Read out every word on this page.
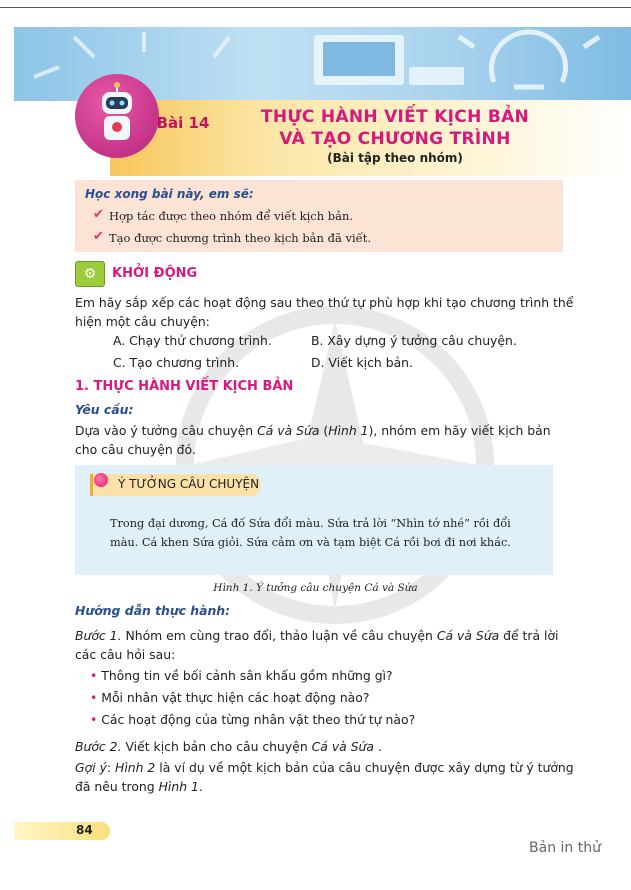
Bài 14	THỰC HÀNH VIẾT KỊCH BẢN
VÀ TẠO CHƯƠNG TRÌNH
(Bài tập theo nhóm)
Học xong bài này, em sẽ:
✔ Hợp tác được theo nhóm để viết kịch bản.
✔ Tạo được chương trình theo kịch bản đã viết.
⚙	KHỞI ĐỘNG
Em hãy sắp xếp các hoạt động sau theo thứ tự phù hợp khi tạo chương trình thể hiện một câu chuyện:
A. Chạy thử chương trình.	B. Xây dựng ý tưởng câu chuyện.
C. Tạo chương trình.	D. Viết kịch bản.
1. THỰC HÀNH VIẾT KỊCH BẢN
Yêu cầu:
Dựa vào ý tưởng câu chuyện Cá và Sứa (Hình 1), nhóm em hãy viết kịch bản cho câu chuyện đó.
Ý TƯỞNG CÂU CHUYỆN
Trong đại dương, Cá đố Sứa đổi màu. Sứa trả lời “Nhìn tớ nhé” rồi đổi màu. Cá khen Sứa giỏi. Sứa cảm ơn và tạm biệt Cá rồi bơi đi nơi khác.
Hình 1. Ý tưởng câu chuyện Cá và Sứa
Hướng dẫn thực hành:
Bước 1. Nhóm em cùng trao đổi, thảo luận về câu chuyện Cá và Sứa để trả lời các câu hỏi sau:
• Thông tin về bối cảnh sân khấu gồm những gì?
• Mỗi nhân vật thực hiện các hoạt động nào?
• Các hoạt động của từng nhân vật theo thứ tự nào?
Bước 2. Viết kịch bản cho câu chuyện Cá và Sứa .
Gợi ý: Hình 2 là ví dụ về một kịch bản của câu chuyện được xây dựng từ ý tưởng đã nêu trong Hình 1.
84
Bản in thử
